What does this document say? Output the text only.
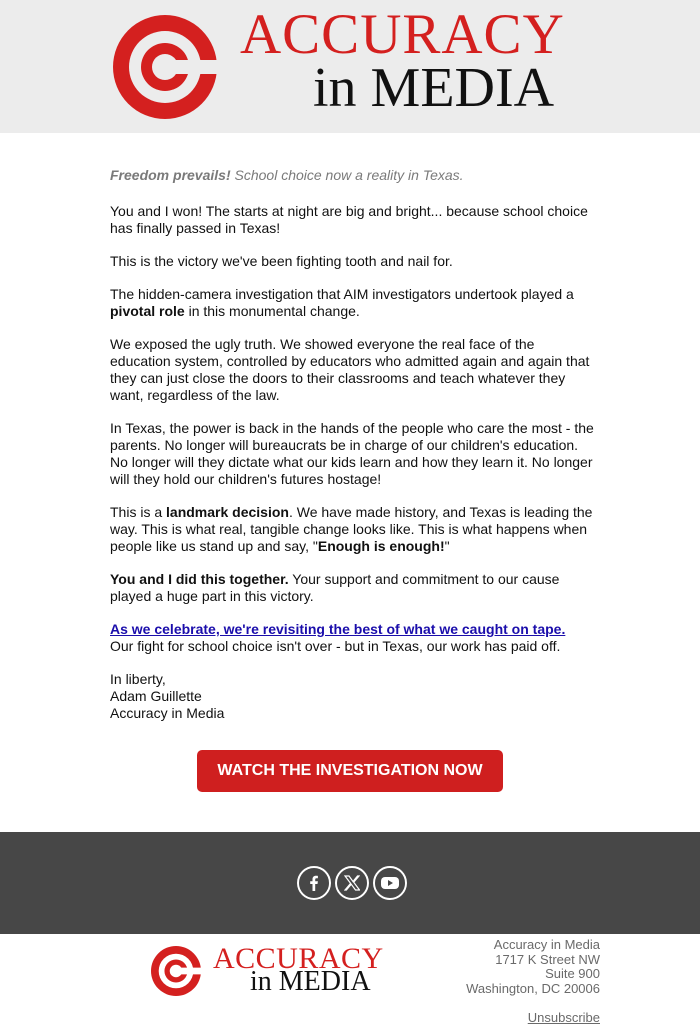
ACCURACY
in MEDIA

Freedom prevails! School choice now a reality in Texas.

You and I won! The starts at night are big and bright... because school choice has finally passed in Texas!

This is the victory we've been fighting tooth and nail for.

The hidden-camera investigation that AIM investigators undertook played a pivotal role in this monumental change.

We exposed the ugly truth. We showed everyone the real face of the education system, controlled by educators who admitted again and again that they can just close the doors to their classrooms and teach whatever they want, regardless of the law.

In Texas, the power is back in the hands of the people who care the most - the parents. No longer will bureaucrats be in charge of our children's education. No longer will they dictate what our kids learn and how they learn it. No longer will they hold our children's futures hostage!

This is a landmark decision. We have made history, and Texas is leading the way. This is what real, tangible change looks like. This is what happens when people like us stand up and say, "Enough is enough!"

You and I did this together. Your support and commitment to our cause played a huge part in this victory.

As we celebrate, we're revisiting the best of what we caught on tape.
Our fight for school choice isn't over - but in Texas, our work has paid off.

In liberty,
Adam Guillette
Accuracy in Media

WATCH THE INVESTIGATION NOW
ACCURACY
in MEDIA
Accuracy in Media
1717 K Street NW
Suite 900
Washington, DC 20006
Unsubscribe
